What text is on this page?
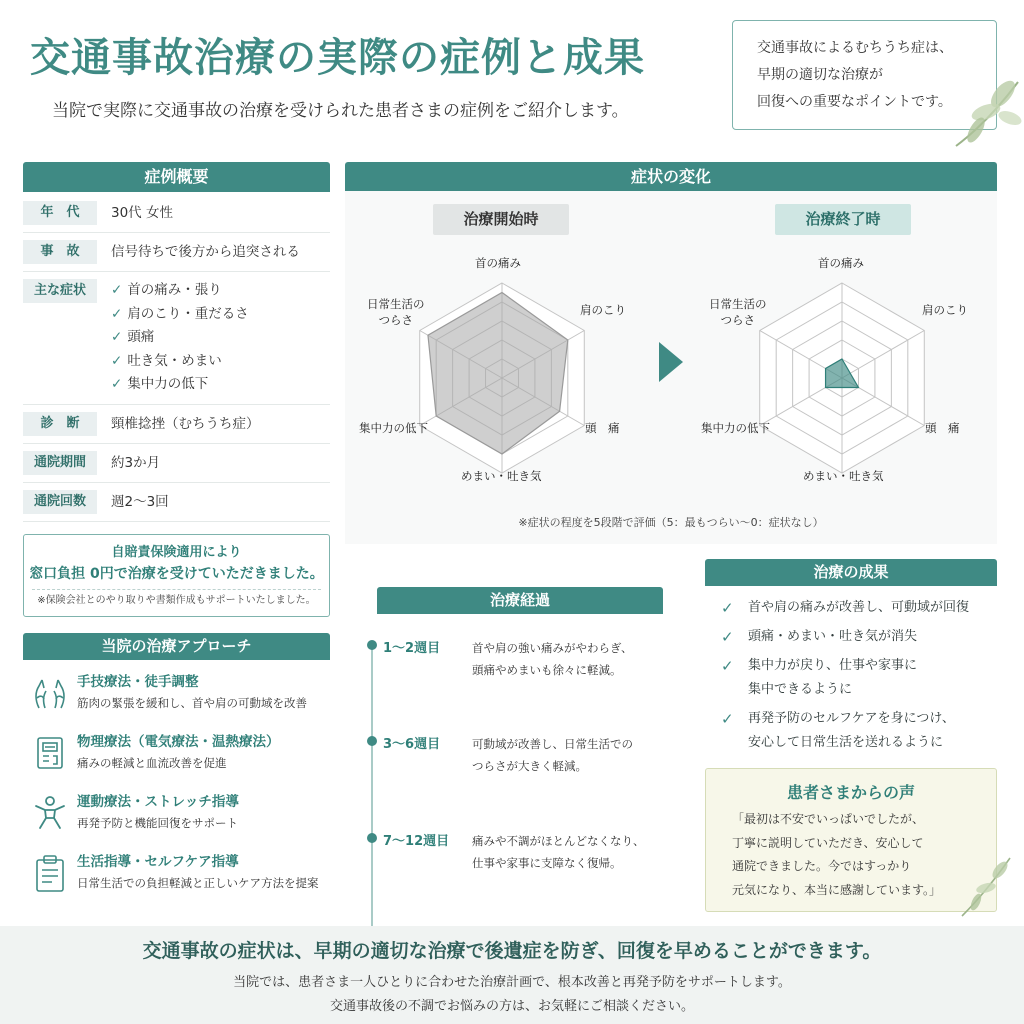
交通事故治療の実際の症例と成果

当院で実際に交通事故の治療を受けられた患者さまの症例をご紹介します。

交通事故によるむちうち症は、
早期の適切な治療が
回復への重要なポイントです。
症例概要
年　代	30代 女性
事　故	信号待ちで後方から追突される
主な症状	✓ 首の痛み・張り
✓ 肩のこり・重だるさ
✓ 頭痛
✓ 吐き気・めまい
✓ 集中力の低下
診　断	頸椎捻挫（むちうち症）
通院期間	約3か月
通院回数	週2〜3回
自賠責保険適用により
窓口負担 0円で治療を受けていただきました。
※保険会社とのやり取りや書類作成もサポートいたしました。
当院の治療アプローチ
手技療法・徒手調整
筋肉の緊張を緩和し、首や肩の可動域を改善
物理療法（電気療法・温熱療法）
痛みの軽減と血流改善を促進
運動療法・ストレッチ指導
再発予防と機能回復をサポート
生活指導・セルフケア指導
日常生活での負担軽減と正しいケア方法を提案
症状の変化
治療開始時	治療終了時
首の痛み
肩のこり
頭　痛
めまい・吐き気
集中力の低下
日常生活の
つらさ
首の痛み
肩のこり
頭　痛
めまい・吐き気
集中力の低下
日常生活の
つらさ
※症状の程度を5段階で評価（5：最もつらい〜0：症状なし）
治療経過
1〜2週目	首や肩の強い痛みがやわらぎ、
頭痛やめまいも徐々に軽減。
3〜6週目	可動域が改善し、日常生活での
つらさが大きく軽減。
7〜12週目 痛みや不調がほとんどなくなり、
仕事や家事に支障なく復帰。
治療の成果
✓	首や肩の痛みが改善し、可動域が回復
✓	頭痛・めまい・吐き気が消失
✓	集中力が戻り、仕事や家事に
集中できるように
✓	再発予防のセルフケアを身につけ、
安心して日常生活を送れるように
患者さまからの声
「最初は不安でいっぱいでしたが、
丁寧に説明していただき、安心して
通院できました。今ではすっかり
元気になり、本当に感謝しています。」
交通事故の症状は、早期の適切な治療で後遺症を防ぎ、回復を早めることができます。
当院では、患者さま一人ひとりに合わせた治療計画で、根本改善と再発予防をサポートします。
交通事故後の不調でお悩みの方は、お気軽にご相談ください。
